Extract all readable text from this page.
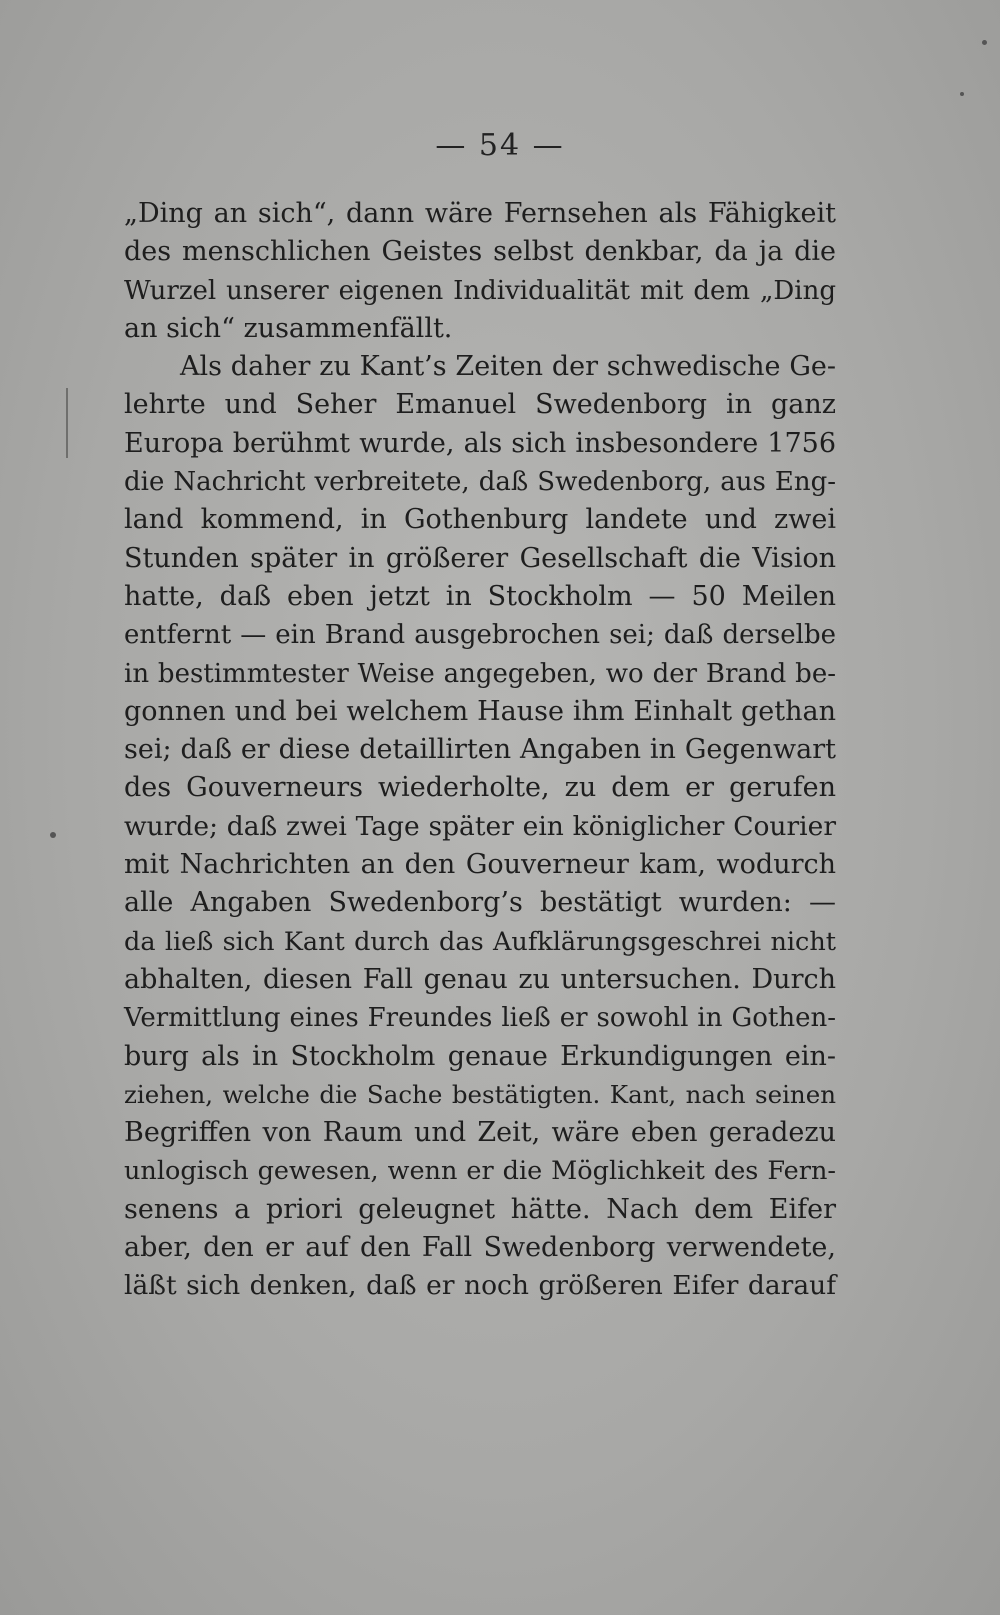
— 54 —
„Ding an sich“, dann wäre Fernsehen als Fähigkeit
des menschlichen Geistes selbst denkbar, da ja die
Wurzel unserer eigenen Individualität mit dem „Ding
an sich“ zusammenfällt.
Als daher zu Kant’s Zeiten der schwedische Ge-
lehrte und Seher Emanuel Swedenborg in ganz
Europa berühmt wurde, als sich insbesondere 1756
die Nachricht verbreitete, daß Swedenborg, aus Eng-
land kommend, in Gothenburg landete und zwei
Stunden später in größerer Gesellschaft die Vision
hatte, daß eben jetzt in Stockholm — 50 Meilen
entfernt — ein Brand ausgebrochen sei; daß derselbe
in bestimmtester Weise angegeben, wo der Brand be-
gonnen und bei welchem Hause ihm Einhalt gethan
sei; daß er diese detaillirten Angaben in Gegenwart
des Gouverneurs wiederholte, zu dem er gerufen
wurde; daß zwei Tage später ein königlicher Courier
mit Nachrichten an den Gouverneur kam, wodurch
alle Angaben Swedenborg’s bestätigt wurden: —
da ließ sich Kant durch das Aufklärungsgeschrei nicht
abhalten, diesen Fall genau zu untersuchen. Durch
Vermittlung eines Freundes ließ er sowohl in Gothen-
burg als in Stockholm genaue Erkundigungen ein-
ziehen, welche die Sache bestätigten. Kant, nach seinen
Begriffen von Raum und Zeit, wäre eben geradezu
unlogisch gewesen, wenn er die Möglichkeit des Fern-
senens a priori geleugnet hätte. Nach dem Eifer
aber, den er auf den Fall Swedenborg verwendete,
läßt sich denken, daß er noch größeren Eifer darauf
